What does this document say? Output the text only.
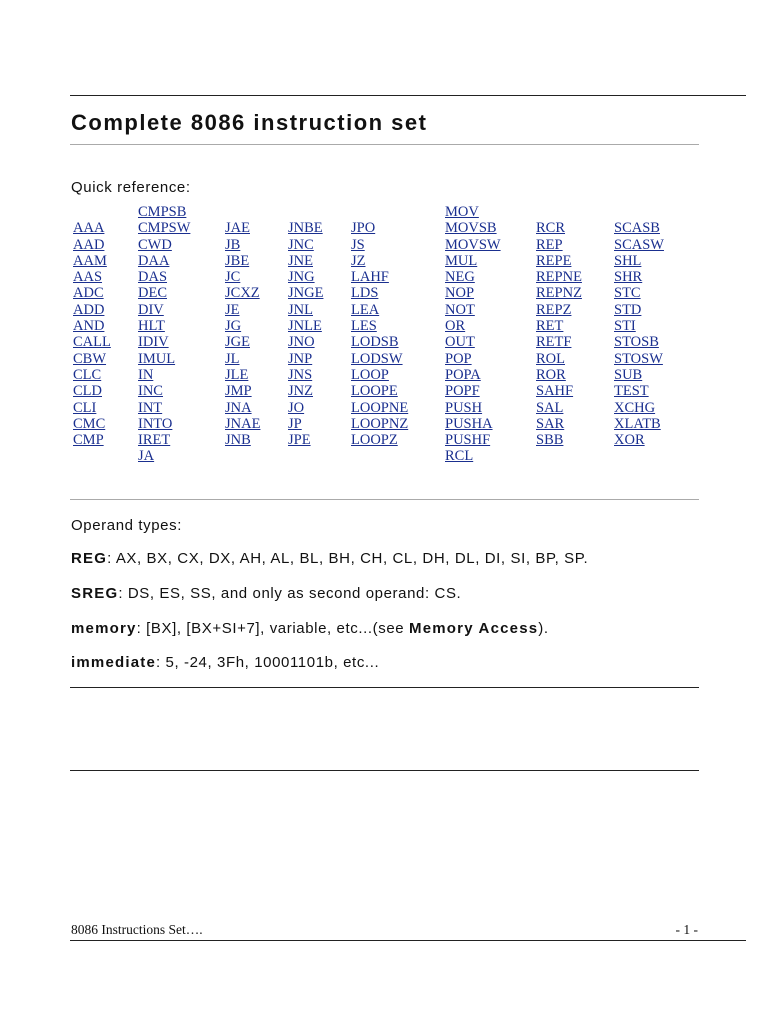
Complete 8086 instruction set
Quick reference:

AAA
AAD
AAM
AAS
ADC
ADD
AND
CALL
CBW
CLC
CLD
CLI
CMC
CMP
CMPSB
CMPSW
CWD
DAA
DAS
DEC
DIV
HLT
IDIV
IMUL
IN
INC
INT
INTO
IRET
JA

JAE
JB
JBE
JC
JCXZ
JE
JG
JGE
JL
JLE
JMP
JNA
JNAE
JNB

JNBE
JNC
JNE
JNG
JNGE
JNL
JNLE
JNO
JNP
JNS
JNZ
JO
JP
JPE

JPO
JS
JZ
LAHF
LDS
LEA
LES
LODSB
LODSW
LOOP
LOOPE
LOOPNE
LOOPNZ
LOOPZ
MOV
MOVSB
MOVSW
MUL
NEG
NOP
NOT
OR
OUT
POP
POPA
POPF
PUSH
PUSHA
PUSHF
RCL

RCR
REP
REPE
REPNE
REPNZ
REPZ
RET
RETF
ROL
ROR
SAHF
SAL
SAR
SBB

SCASB
SCASW
SHL
SHR
STC
STD
STI
STOSB
STOSW
SUB
TEST
XCHG
XLATB
XOR
Operand types:
REG: AX, BX, CX, DX, AH, AL, BL, BH, CH, CL, DH, DL, DI, SI, BP, SP.
SREG: DS, ES, SS, and only as second operand: CS.
memory: [BX], [BX+SI+7], variable, etc...(see Memory Access).
immediate: 5, -24, 3Fh, 10001101b, etc...
8086 Instructions Set….	- 1 -
